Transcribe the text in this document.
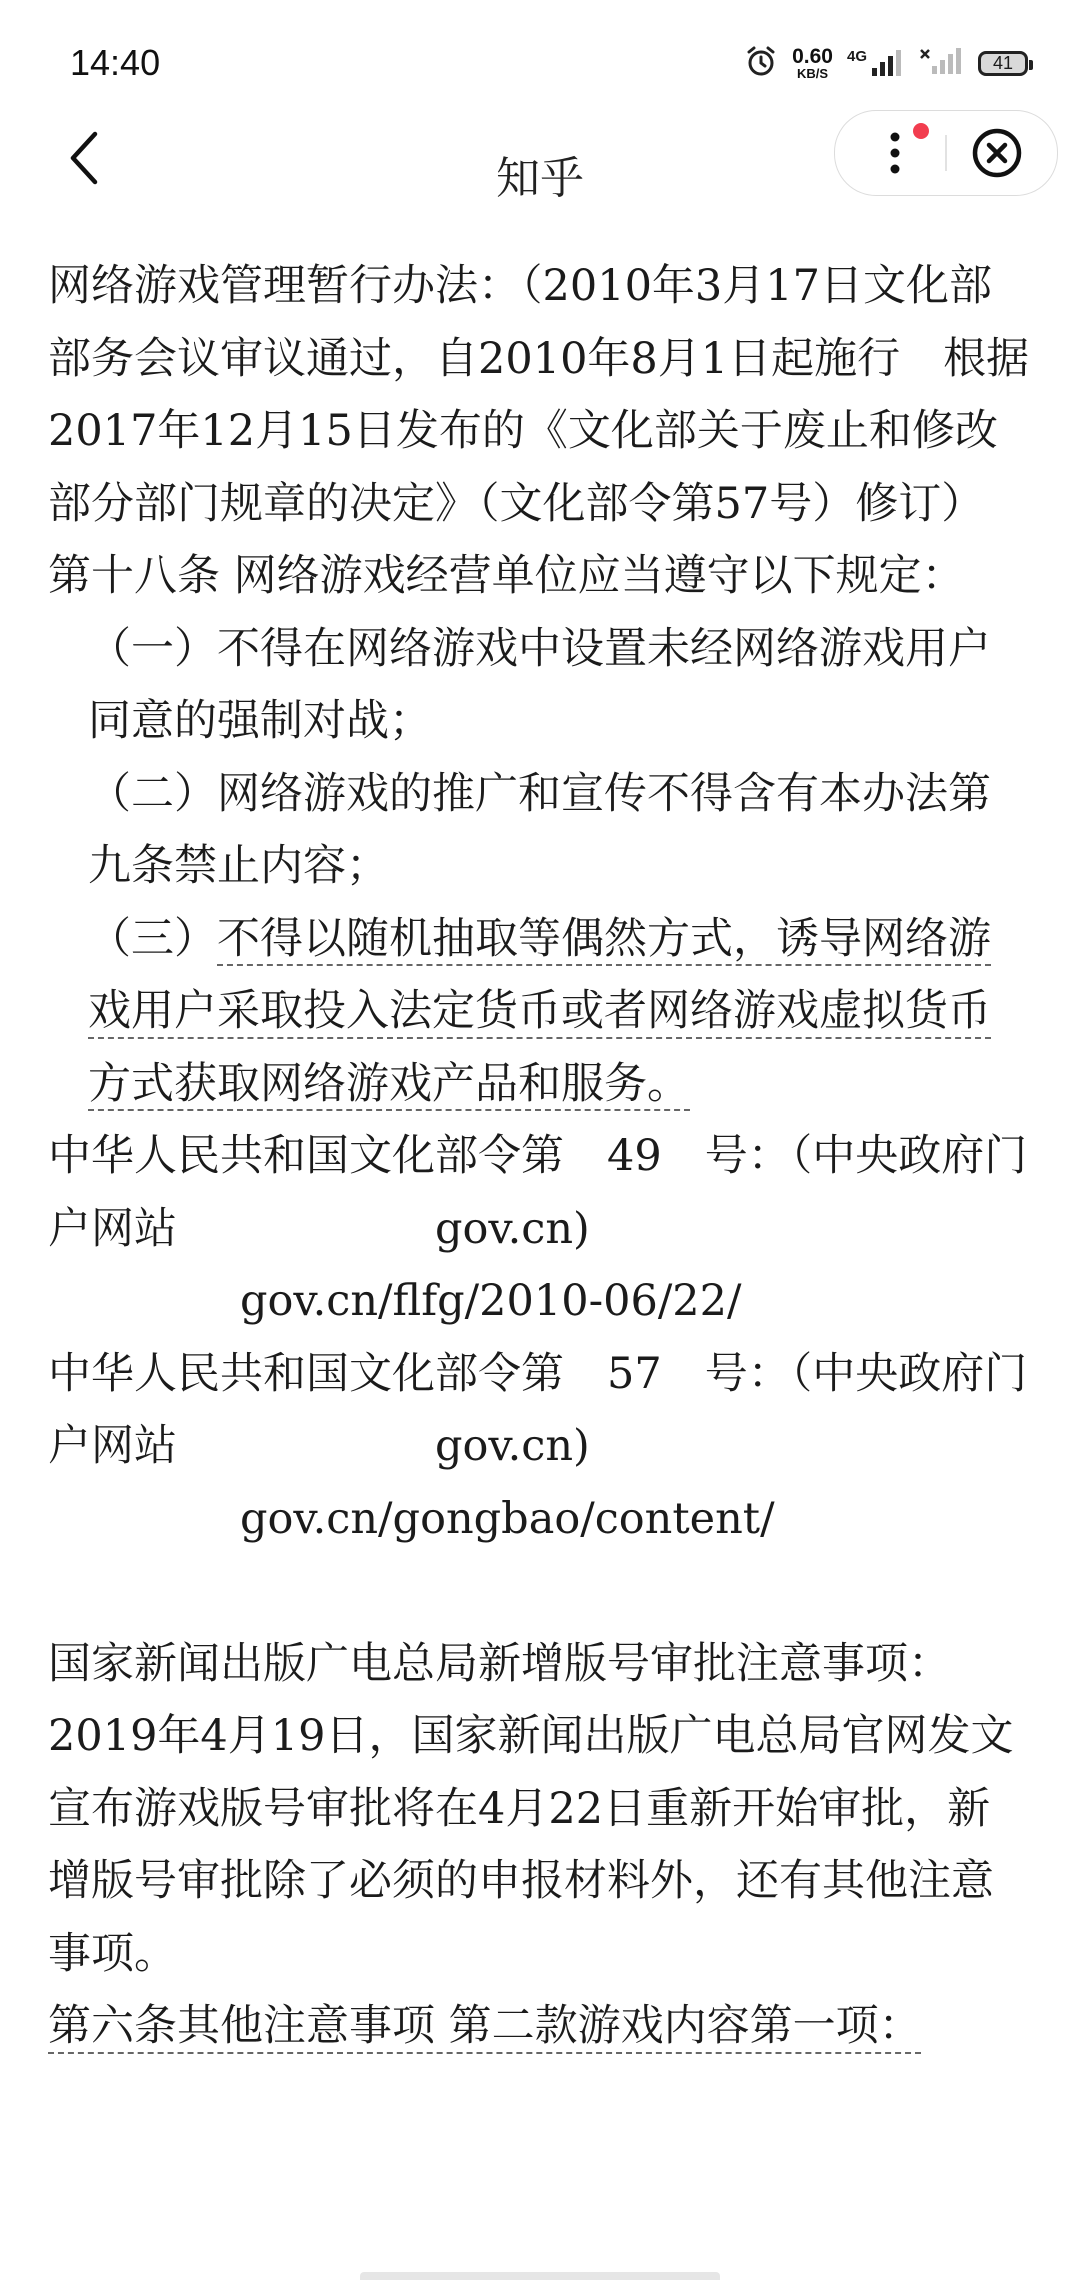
14:40	0.60
KB/S
4G	41
知乎

网络游戏管理暂行办法：（2010年3月17日文化部部务会议审议通过，自2010年8月1日起施行　根据2017年12月15日发布的《文化部关于废止和修改部分部门规章的决定》（文化部令第57号）修订）

第十八条 网络游戏经营单位应当遵守以下规定：

（一）不得在网络游戏中设置未经网络游戏用户同意的强制对战；

（二）网络游戏的推广和宣传不得含有本办法第九条禁止内容；

（三）不得以随机抽取等偶然方式，诱导网络游戏用户采取投入法定货币或者网络游戏虚拟货币方式获取网络游戏产品和服务。

中华人民共和国文化部令第　49　号：（中央政府门户网站　　　　　　gov.cn)

gov.cn/flfg/2010-06/22/

中华人民共和国文化部令第　57　号：（中央政府门户网站　　　　　　gov.cn)

gov.cn/gongbao/content/

国家新闻出版广电总局新增版号审批注意事项：

2019年4月19日，国家新闻出版广电总局官网发文宣布游戏版号审批将在4月22日重新开始审批，新增版号审批除了必须的申报材料外，还有其他注意事项。

第六条其他注意事项 第二款游戏内容第一项：
